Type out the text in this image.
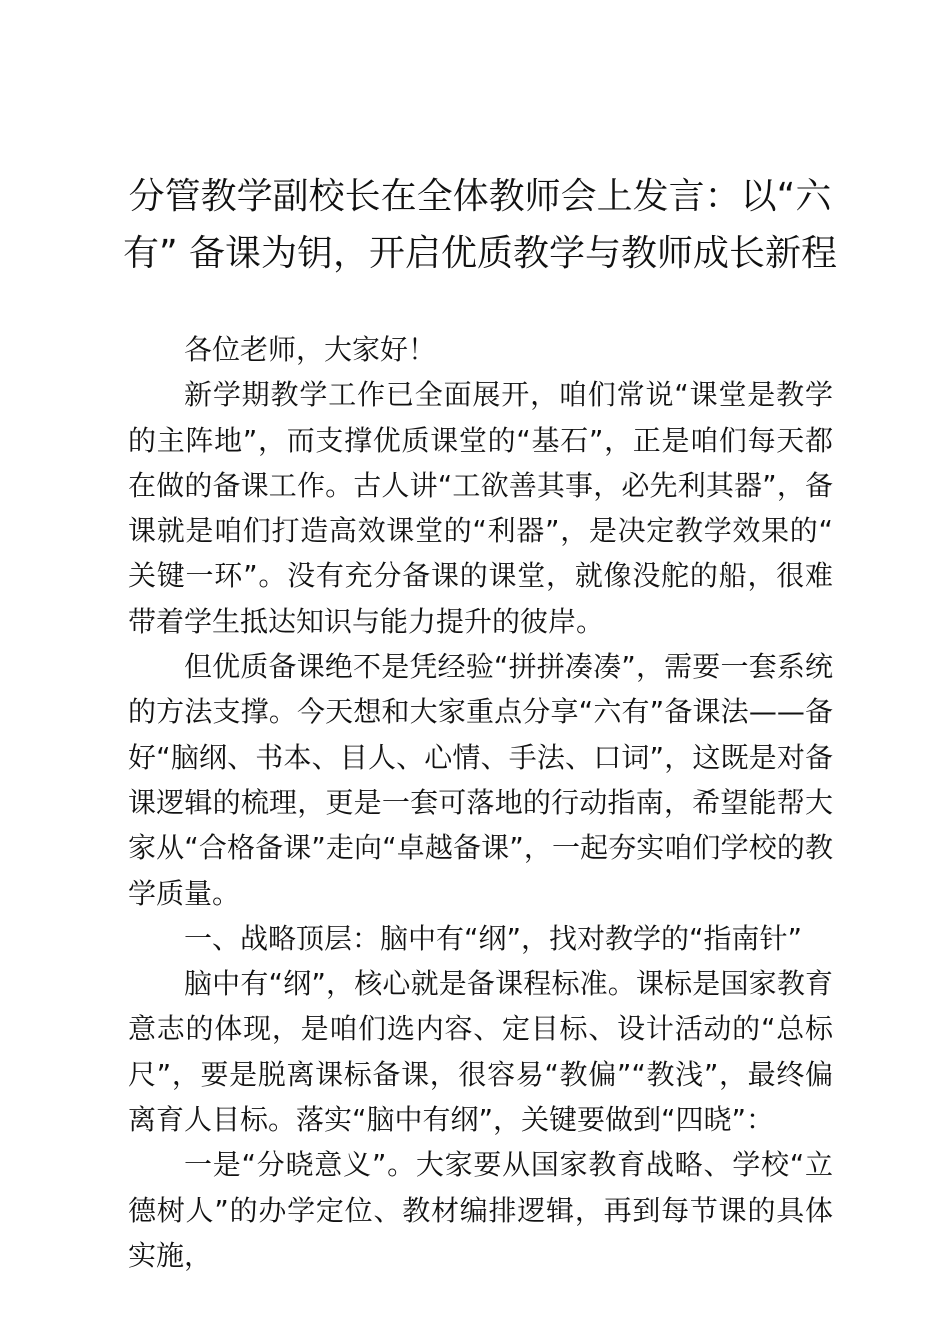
分管教学副校长在全体教师会上发言：以“六有” 备课为钥，开启优质教学与教师成长新程

各位老师，大家好！

新学期教学工作已全面展开，咱们常说“课堂是教学的主阵地”，而支撑优质课堂的“基石”，正是咱们每天都在做的备课工作。古人讲“工欲善其事，必先利其器”，备课就是咱们打造高效课堂的“利器”，是决定教学效果的“关键一环”。没有充分备课的课堂，就像没舵的船，很难带着学生抵达知识与能力提升的彼岸。

但优质备课绝不是凭经验“拼拼凑凑”，需要一套系统的方法支撑。今天想和大家重点分享“六有”备课法——备好“脑纲、书本、目人、心情、手法、口词”，这既是对备课逻辑的梳理，更是一套可落地的行动指南，希望能帮大家从“合格备课”走向“卓越备课”，一起夯实咱们学校的教学质量。

一、战略顶层：脑中有“纲”，找对教学的“指南针”

脑中有“纲”，核心就是备课程标准。课标是国家教育意志的体现，是咱们选内容、定目标、设计活动的“总标尺”，要是脱离课标备课，很容易“教偏”“教浅”，最终偏离育人目标。落实“脑中有纲”，关键要做到“四晓”：

一是“分晓意义”。大家要从国家教育战略、学校“立德树人”的办学定位、教材编排逻辑，再到每节课的具体实施，
